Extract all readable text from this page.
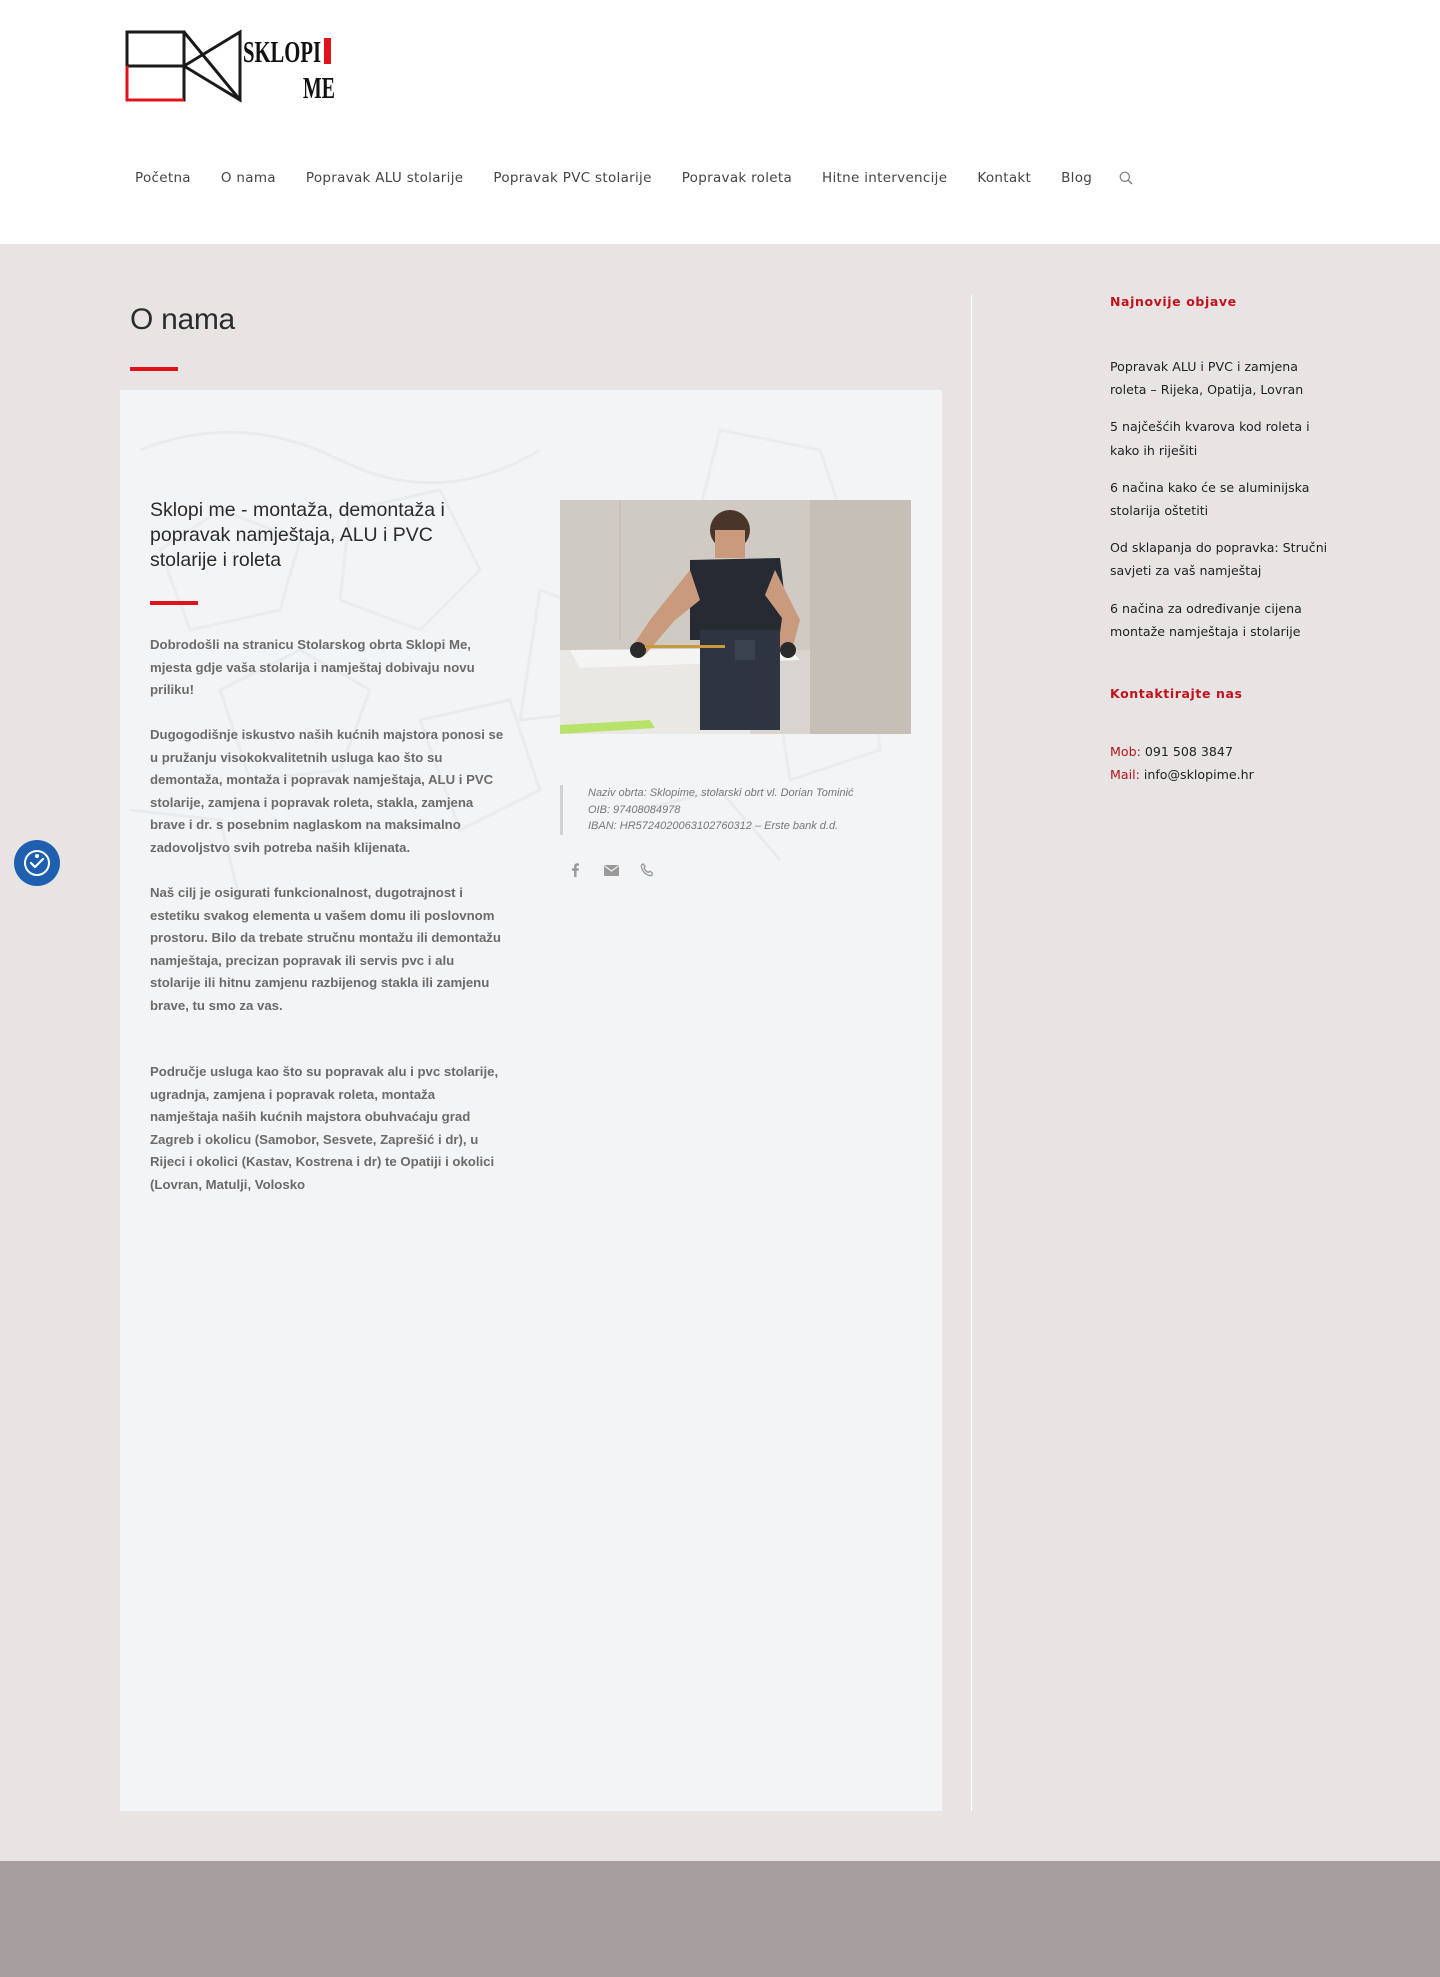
SKLOPI
ME
Početna	O nama	Popravak ALU stolarije	Popravak PVC stolarije	Popravak roleta	Hitne intervencije	Kontakt	Blog
O nama
Sklopi me - montaža, demontaža i popravak namještaja, ALU i PVC stolarije i roleta

Dobrodošli na stranicu Stolarskog obrta Sklopi Me, mjesta gdje vaša stolarija i namještaj dobivaju novu priliku!

Dugogodišnje iskustvo naših kućnih majstora ponosi se u pružanju visokokvalitetnih usluga kao što su demontaža, montaža i popravak namještaja, ALU i PVC stolarije, zamjena i popravak roleta, stakla, zamjena brave i dr. s posebnim naglaskom na maksimalno zadovoljstvo svih potreba naših klijenata.

Naš cilj je osigurati funkcionalnost, dugotrajnost i estetiku svakog elementa u vašem domu ili poslovnom prostoru. Bilo da trebate stručnu montažu ili demontažu namještaja, precizan popravak ili servis pvc i alu stolarije ili hitnu zamjenu razbijenog stakla ili zamjenu brave, tu smo za vas.

Područje usluga kao što su popravak alu i pvc stolarije, ugradnja, zamjena i popravak roleta, montaža namještaja naših kućnih majstora obuhvaćaju grad Zagreb i okolicu (Samobor, Sesvete, Zaprešić i dr), u Rijeci i okolici (Kastav, Kostrena i dr) te Opatiji i okolici (Lovran, Matulji, Volosko

Naziv obrta: Sklopime, stolarski obrt vl. Dorian Tominić
OIB: 97408084978
IBAN: HR5724020063102760312 – Erste bank d.d.
Najnovije objave
Popravak ALU i PVC i zamjena roleta – Rijeka, Opatija, Lovran
5 najčešćih kvarova kod roleta i kako ih riješiti
6 načina kako će se aluminijska stolarija oštetiti
Od sklapanja do popravka: Stručni savjeti za vaš namještaj
6 načina za određivanje cijena montaže namještaja i stolarije
Kontaktirajte nas
Mob: 091 508 3847
Mail: info@sklopime.hr
